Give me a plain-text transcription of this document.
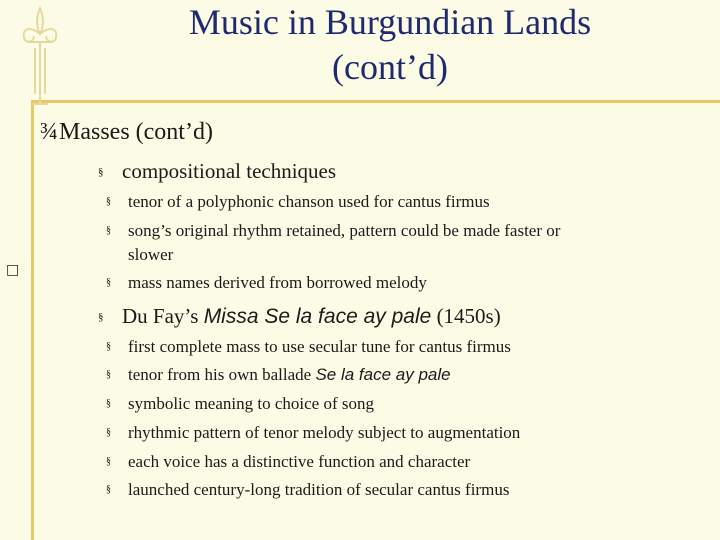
Music in Burgundian Lands
(cont’d)
□
¾Masses (cont’d)
§ compositional techniques
§ tenor of a polyphonic chanson used for cantus firmus
§ song’s original rhythm retained, pattern could be made faster or
slower
§ mass names derived from borrowed melody
§ Du Fay’s Missa Se la face ay pale (1450s)
§ first complete mass to use secular tune for cantus firmus
§ tenor from his own ballade Se la face ay pale
§ symbolic meaning to choice of song
§ rhythmic pattern of tenor melody subject to augmentation
§ each voice has a distinctive function and character
§ launched century-long tradition of secular cantus firmus
